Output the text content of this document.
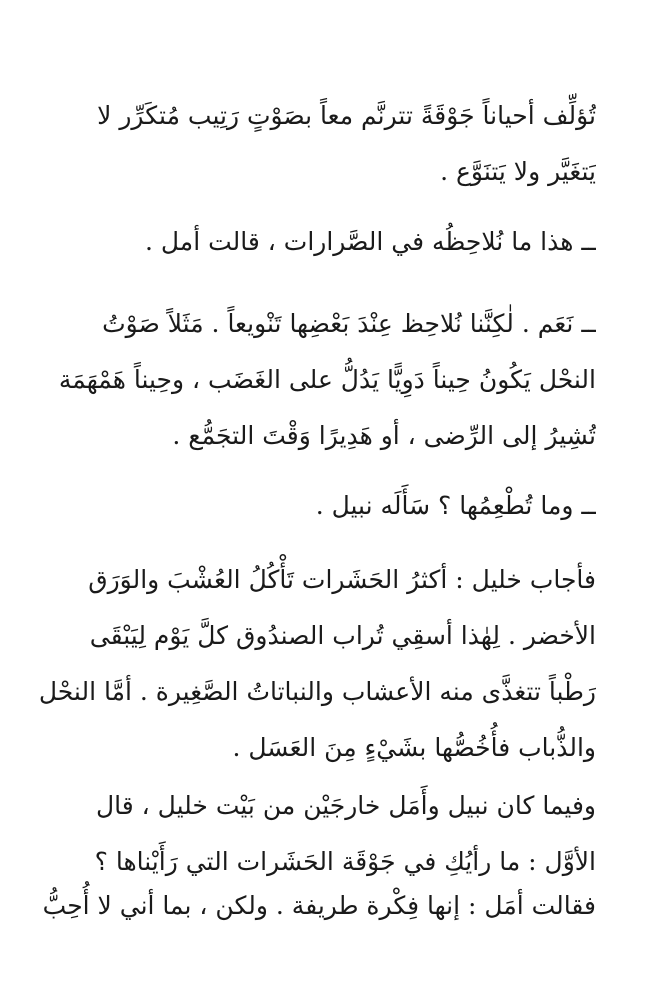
تُؤلِّف أحياناً جَوْقَةً تترنَّم معاً بصَوْتٍ رَتِيب مُتكَرِّر لا
يَتغَيَّر ولا يَتنَوَّع .
ــ هذا ما نُلاحِظُه في الصَّرارات ، قالت أمل .
ــ نَعَم . لٰكِنَّنا نُلاحِظ عِنْدَ بَعْضِها تَنْويعاً . مَثَلاً صَوْتُ
النحْل يَكُونُ حِيناً دَوِيًّا يَدُلُّ على الغَضَب ، وحِيناً هَمْهَمَة
تُشِيرُ إلى الرِّضى ، أو هَدِيرًا وَقْتَ التجَمُّع .
ــ وما تُطْعِمُها ؟ سَأَلَه نبيل .
فأجاب خليل : أكثرُ الحَشَرات تَأْكُلُ العُشْبَ والوَرَق
الأخضر . لِهٰذا أسقِي تُراب الصندُوق كلَّ يَوْم لِيَبْقَى
رَطْباً تتغذَّى منه الأعشاب والنباتاتُ الصَّغِيرة . أمَّا النحْل
والذُّباب فأُخُصُّها بشَيْءٍ مِنَ العَسَل .
وفيما كان نبيل وأَمَل خارجَيْن من بَيْت خليل ، قال
الأوَّل : ما رأيُكِ في جَوْقَة الحَشَرات التي رَأَيْناها ؟
فقالت أمَل : إنها فِكْرة طريفة . ولكن ، بما أني لا أُحِبُّ
